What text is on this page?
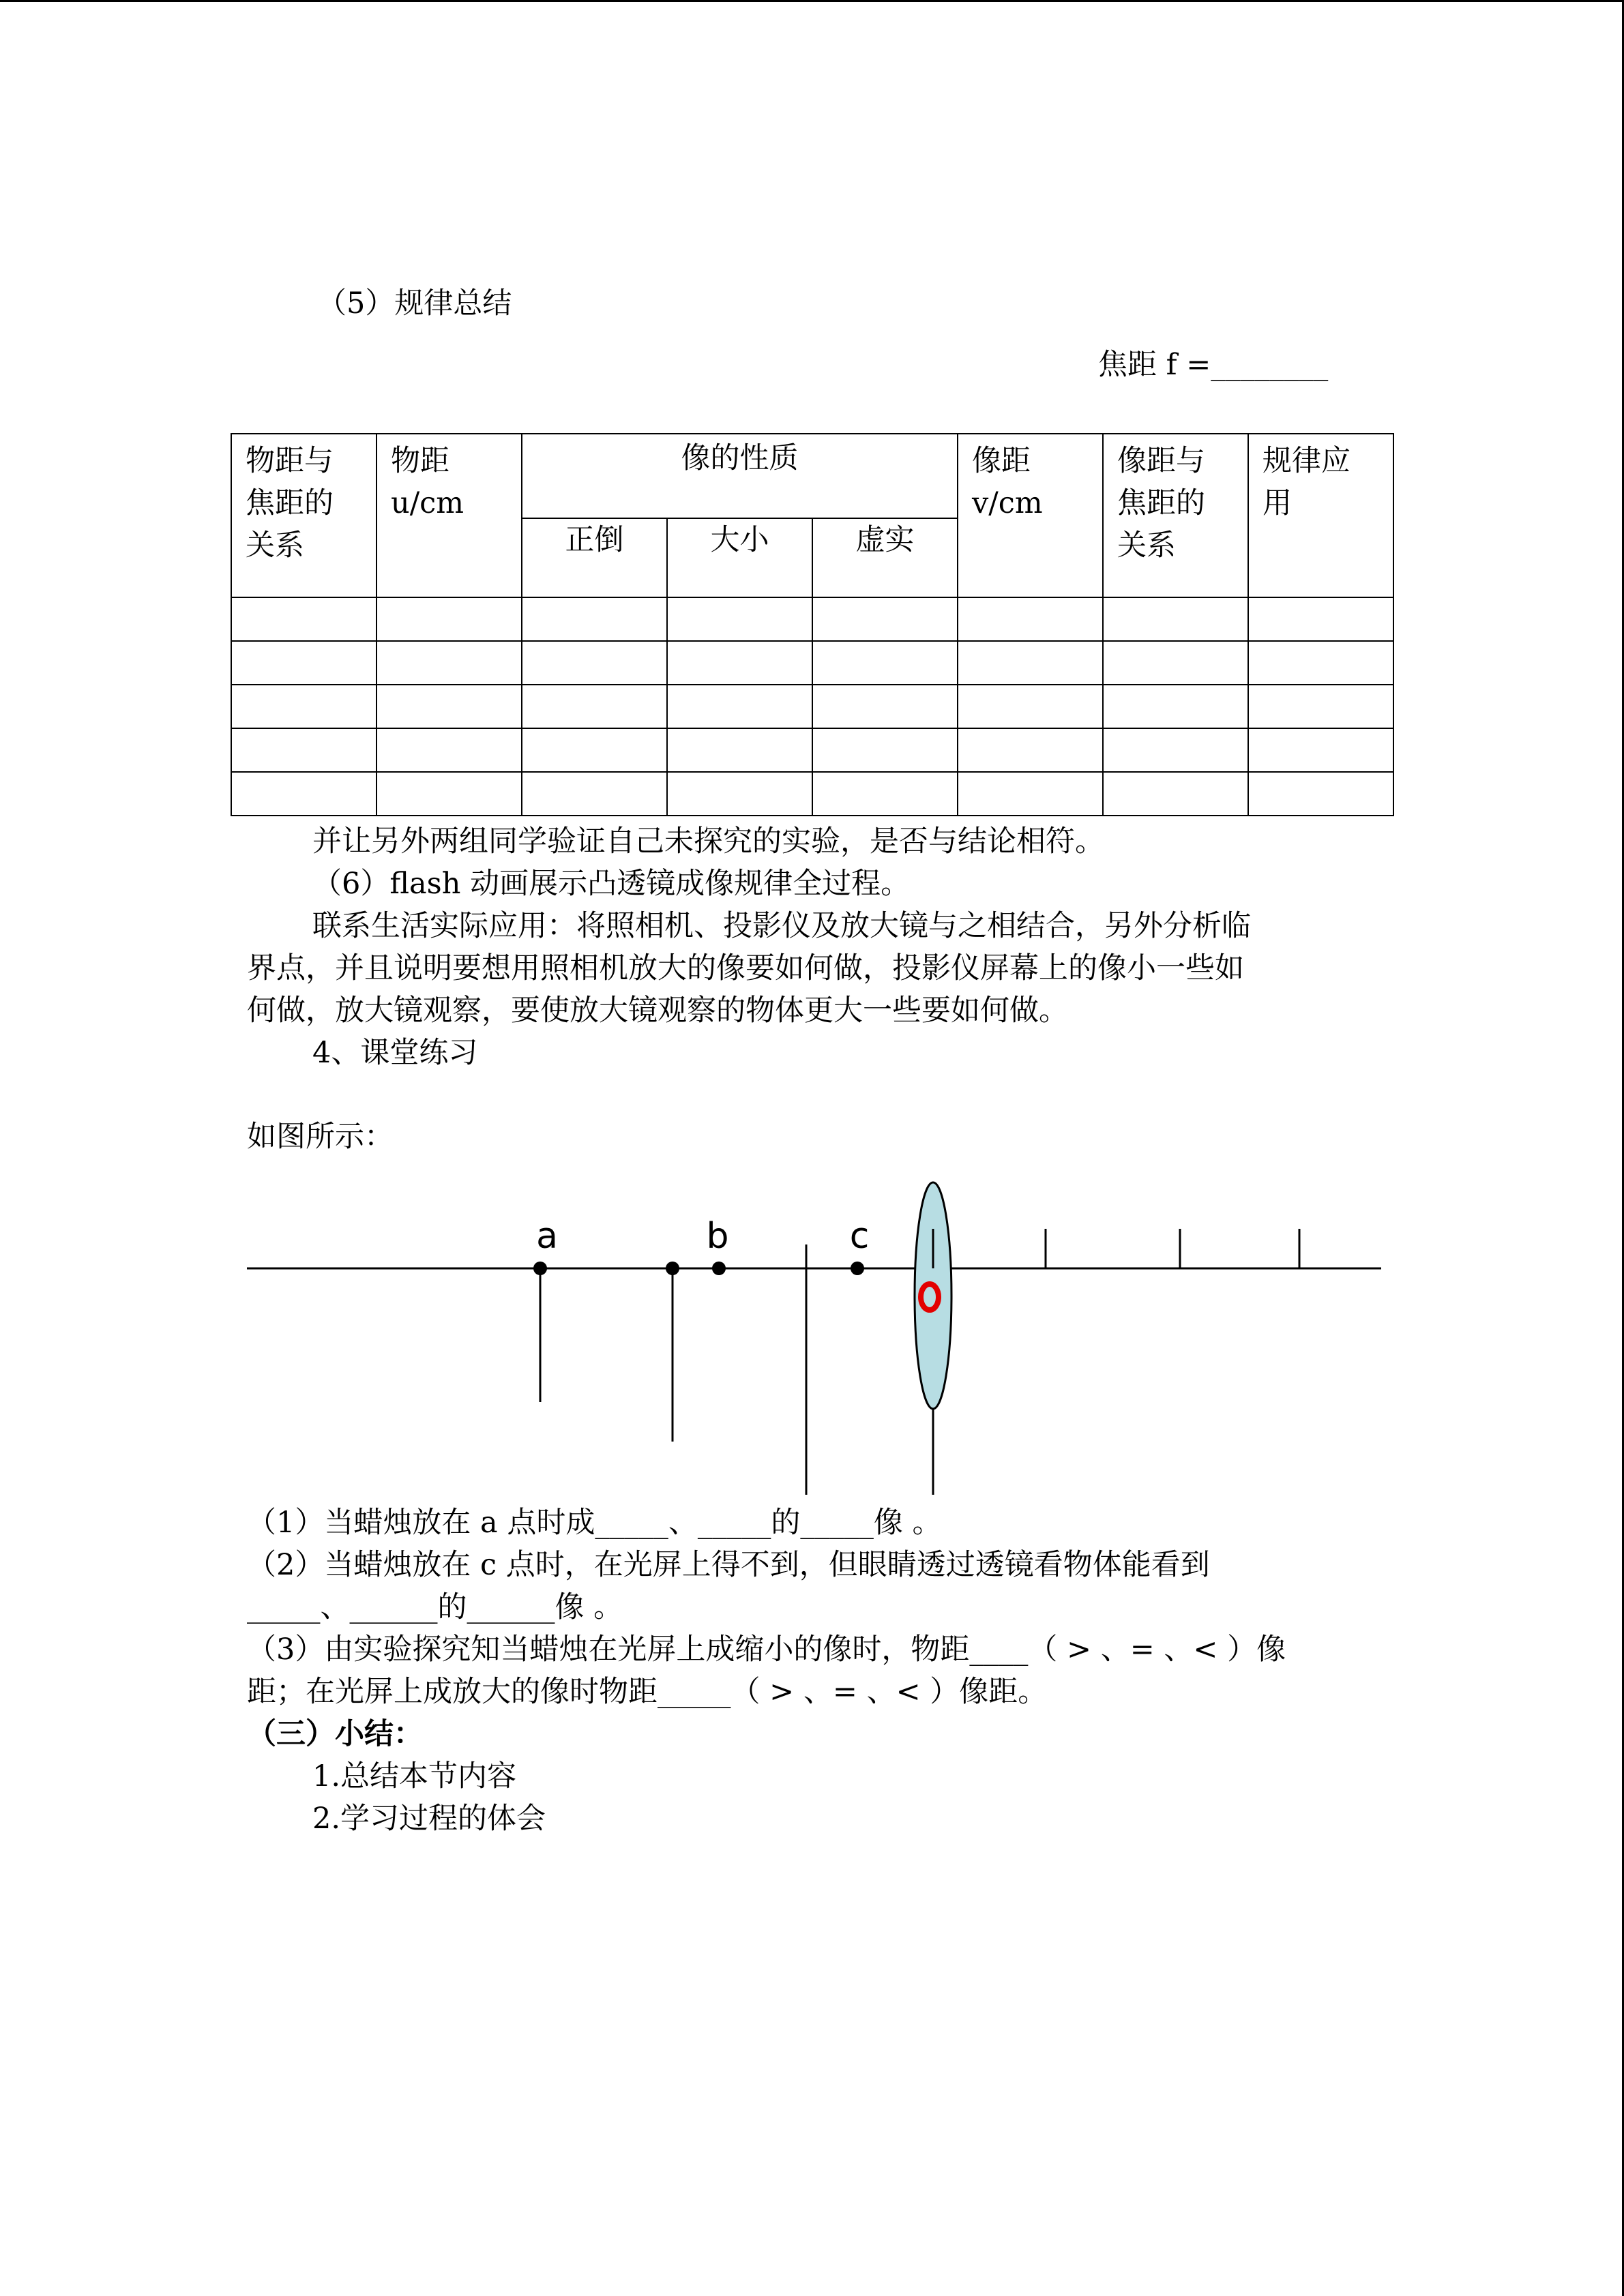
（5）规律总结
焦距 f =________
物距与焦距的关系	物距u/cm	像的性质			像距v/cm	像距与焦距的关系	规律应用
		正倒	大小	虚实			

并让另外两组同学验证自己未探究的实验，是否与结论相符。
（6）flash 动画展示凸透镜成像规律全过程。
联系生活实际应用：将照相机、投影仪及放大镜与之相结合，另外分析临
界点，并且说明要想用照相机放大的像要如何做，投影仪屏幕上的像小一些如
何做，放大镜观察，要使放大镜观察的物体更大一些要如何做。
4、课堂练习
如图所示：
a	b	c
（1）当蜡烛放在 a 点时成_____、_____的_____像 。
（2）当蜡烛放在 c 点时，在光屏上得不到，但眼睛透过透镜看物体能看到
_____、______的______像 。
（3）由实验探究知当蜡烛在光屏上成缩小的像时，物距____（ > 、= 、< ）像
距；在光屏上成放大的像时物距_____（ > 、= 、< ）像距。
（三）小结：
1.总结本节内容
2.学习过程的体会
